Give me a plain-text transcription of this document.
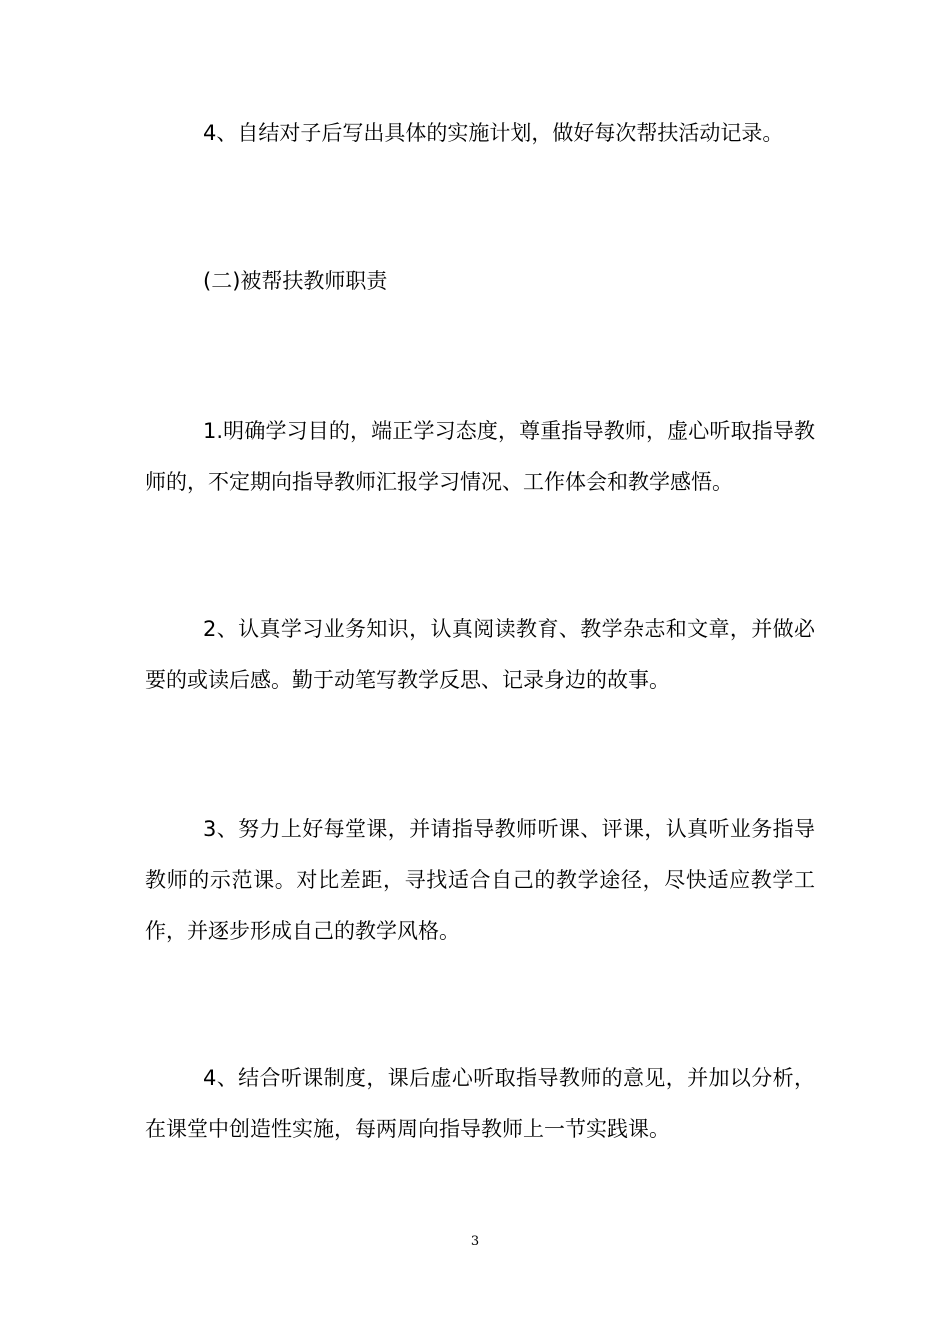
4、自结对子后写出具体的实施计划，做好每次帮扶活动记录。

(二)被帮扶教师职责

1.明确学习目的，端正学习态度，尊重指导教师，虚心听取指导教师的，不定期向指导教师汇报学习情况、工作体会和教学感悟。

2、认真学习业务知识，认真阅读教育、教学杂志和文章，并做必要的或读后感。勤于动笔写教学反思、记录身边的故事。

3、努力上好每堂课，并请指导教师听课、评课，认真听业务指导教师的示范课。对比差距，寻找适合自己的教学途径，尽快适应教学工作，并逐步形成自己的教学风格。

4、结合听课制度，课后虚心听取指导教师的意见，并加以分析，在课堂中创造性实施，每两周向指导教师上一节实践课。

3
